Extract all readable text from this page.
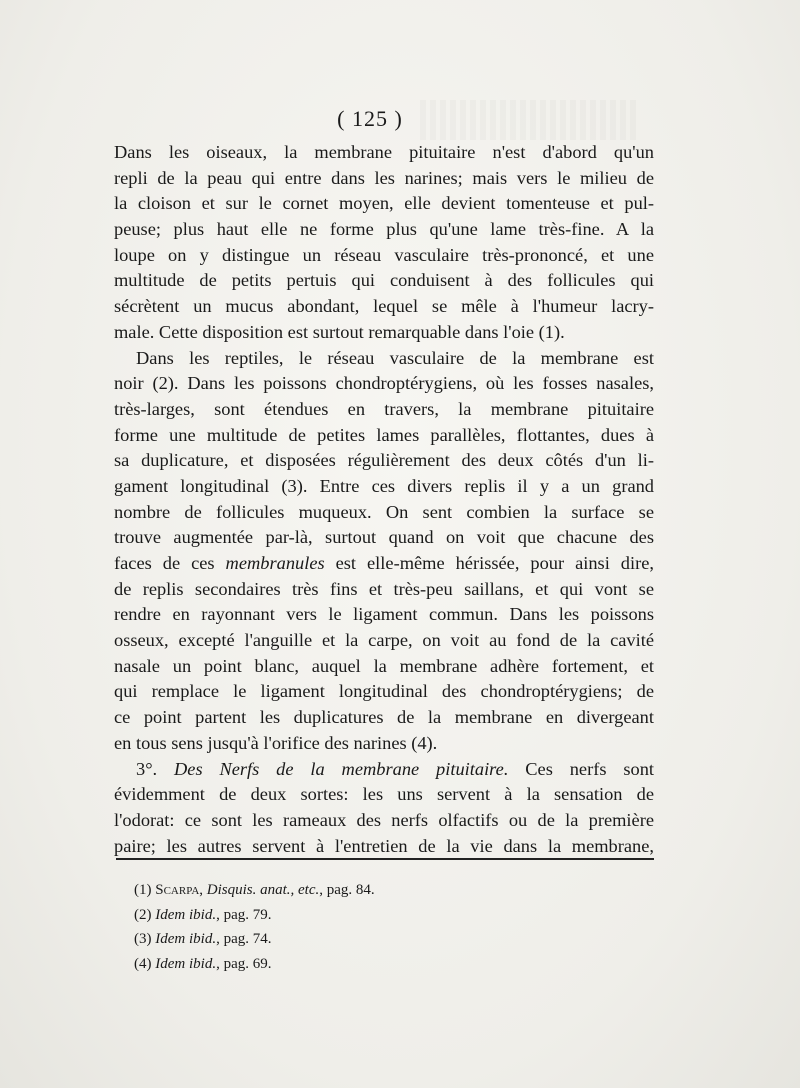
( 125 )
Dans les oiseaux, la membrane pituitaire n'est d'abord qu'un
repli de la peau qui entre dans les narines; mais vers le milieu de
la cloison et sur le cornet moyen, elle devient tomenteuse et pul-
peuse; plus haut elle ne forme plus qu'une lame très-fine. A la
loupe on y distingue un réseau vasculaire très-prononcé, et une
multitude de petits pertuis qui conduisent à des follicules qui
sécrètent un mucus abondant, lequel se mêle à l'humeur lacry-
male. Cette disposition est surtout remarquable dans l'oie (1).
Dans les reptiles, le réseau vasculaire de la membrane est
noir (2). Dans les poissons chondroptérygiens, où les fosses nasales,
très-larges, sont étendues en travers, la membrane pituitaire
forme une multitude de petites lames parallèles, flottantes, dues à
sa duplicature, et disposées régulièrement des deux côtés d'un li-
gament longitudinal (3). Entre ces divers replis il y a un grand
nombre de follicules muqueux. On sent combien la surface se
trouve augmentée par-là, surtout quand on voit que chacune des
faces de ces membranules est elle-même hérissée, pour ainsi dire,
de replis secondaires très fins et très-peu saillans, et qui vont se
rendre en rayonnant vers le ligament commun. Dans les poissons
osseux, excepté l'anguille et la carpe, on voit au fond de la cavité
nasale un point blanc, auquel la membrane adhère fortement, et
qui remplace le ligament longitudinal des chondroptérygiens; de
ce point partent les duplicatures de la membrane en divergeant
en tous sens jusqu'à l'orifice des narines (4).
3°. Des Nerfs de la membrane pituitaire. Ces nerfs sont
évidemment de deux sortes: les uns servent à la sensation de
l'odorat: ce sont les rameaux des nerfs olfactifs ou de la première
paire; les autres servent à l'entretien de la vie dans la membrane,
(1) Scarpa, Disquis. anat., etc., pag. 84.
(2) Idem ibid., pag. 79.
(3) Idem ibid., pag. 74.
(4) Idem ibid., pag. 69.
